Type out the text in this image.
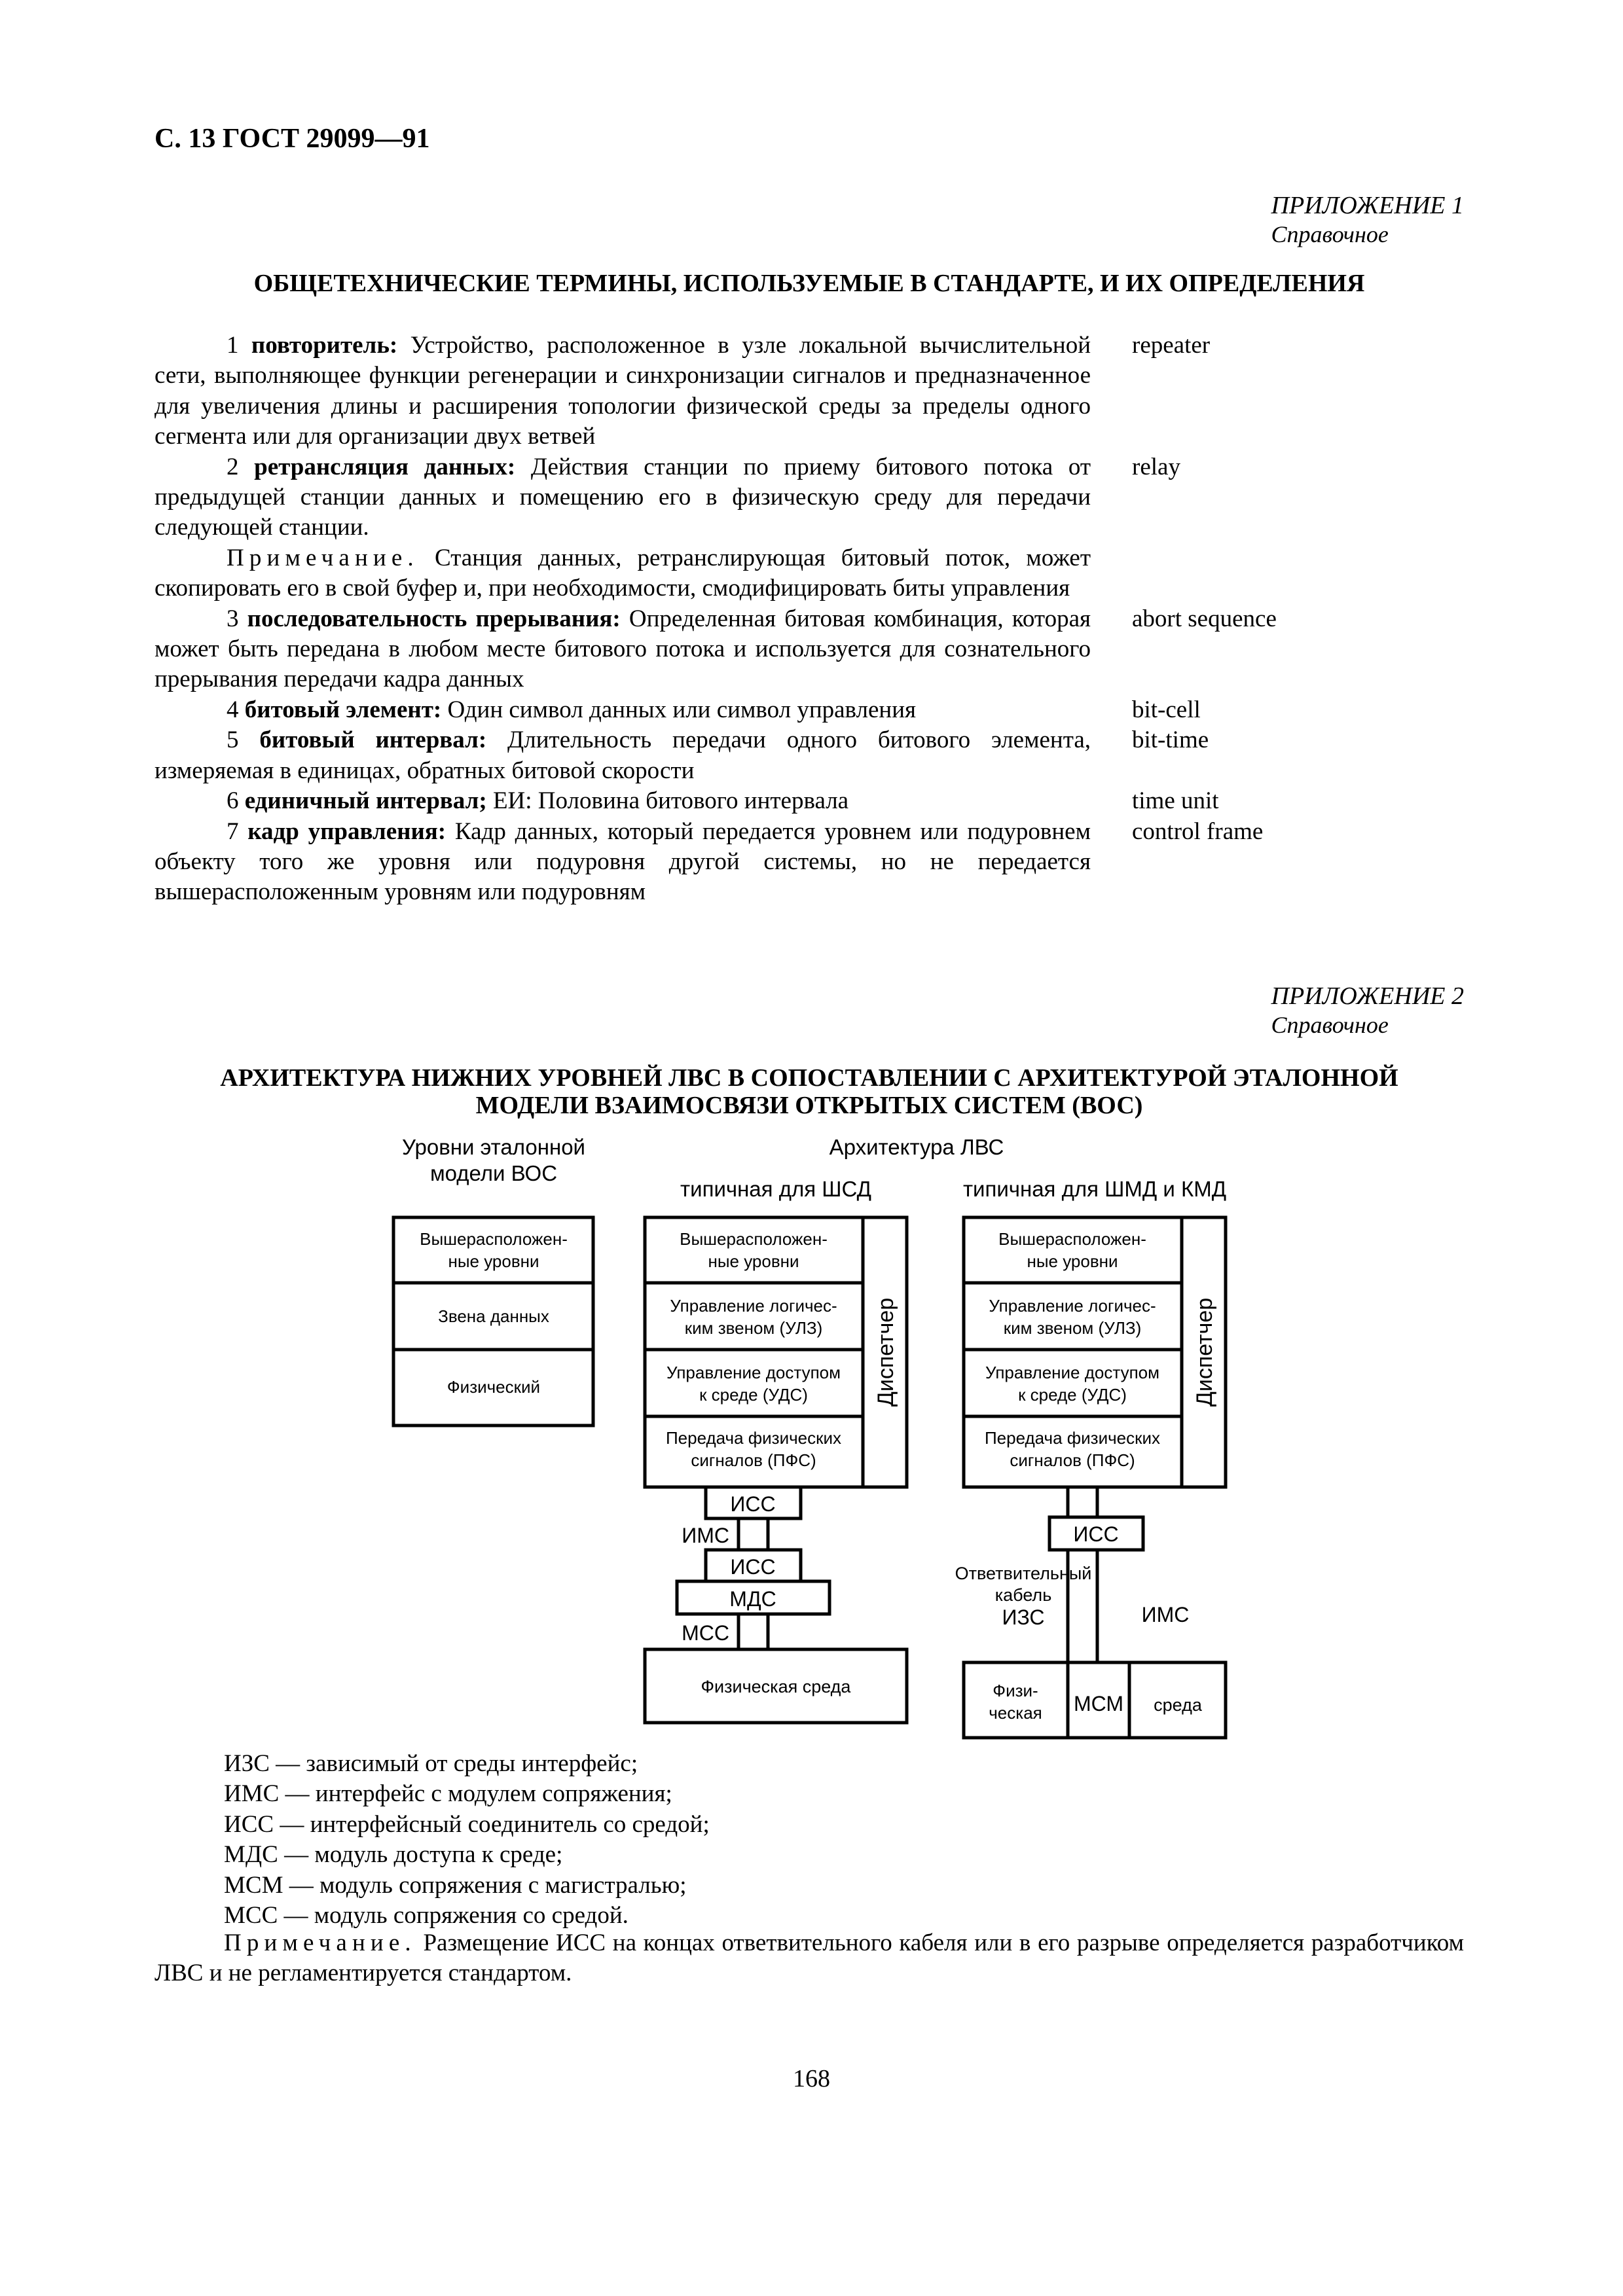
С. 13 ГОСТ 29099—91
ПРИЛОЖЕНИЕ 1
Справочное
ОБЩЕТЕХНИЧЕСКИЕ ТЕРМИНЫ, ИСПОЛЬЗУЕМЫЕ В СТАНДАРТЕ, И ИХ ОПРЕДЕЛЕНИЯ

1 повторитель: Устройство, расположенное в узле локальной вычислительной сети, выполняющее функции регенерации и синхронизации сигналов и предназначенное для увеличения длины и расширения топологии физической среды за пределы одного сегмента или для организации двух ветвей
repeater

2 ретрансляция данных: Действия станции по приему битового потока от предыдущей станции данных и помещению его в физическую среду для передачи следующей станции.
relay

Примечание. Станция данных, ретранслирующая битовый поток, может скопировать его в свой буфер и, при необходимости, смодифицировать биты управления

3 последовательность прерывания: Определенная битовая комбинация, которая может быть передана в любом месте битового потока и используется для сознательного прерывания передачи кадра данных
abort sequence

4 битовый элемент: Один символ данных или символ управления	bit-cell

5 битовый интервал: Длительность передачи одного битового элемента, измеряемая в единицах, обратных битовой скорости
bit-time

6 единичный интервал; ЕИ: Половина битового интервала	time unit

7 кадр управления: Кадр данных, который передается уровнем или подуровнем объекту того же уровня или подуровня другой системы, но не передается вышерасположенным уровням или подуровням
control frame

ПРИЛОЖЕНИЕ 2
Справочное
АРХИТЕКТУРА НИЖНИХ УРОВНЕЙ ЛВС В СОПОСТАВЛЕНИИ С АРХИТЕКТУРОЙ ЭТАЛОННОЙ
МОДЕЛИ ВЗАИМОСВЯЗИ ОТКРЫТЫХ СИСТЕМ (ВОС)
Уровни эталонной
модели ВОС
Архитектура ЛВС
типичная для ШСД	типичная для ШМД и КМД
Вышерасположен-
ные уровни
Звена данных
Физический
Вышерасположен-
ные уровни
Управление логичес-
ким звеном (УЛЗ)
Управление доступом
к среде (УДС)
Передача физических
сигналов (ПФС)
Диспетчер
ИСС
ИМС
ИСС
МДС
МСС
Физическая среда
Вышерасположен-
ные уровни
Управление логичес-
ким звеном (УЛЗ)
Управление доступом
к среде (УДС)
Передача физических
сигналов (ПФС)
Диспетчер
ИСС
Ответвительный
кабель
ИЗС	ИМС
Физи-
ческая МСМ среда
ИЗС — зависимый от среды интерфейс;
ИМС — интерфейс с модулем сопряжения;
ИСС — интерфейсный соединитель со средой;
МДС — модуль доступа к среде;
МСМ — модуль сопряжения с магистралью;
МСС — модуль сопряжения со средой.
Примечание. Размещение ИСС на концах ответвительного кабеля или в его разрыве определяется разработчиком ЛВС и не регламентируется стандартом.
168
